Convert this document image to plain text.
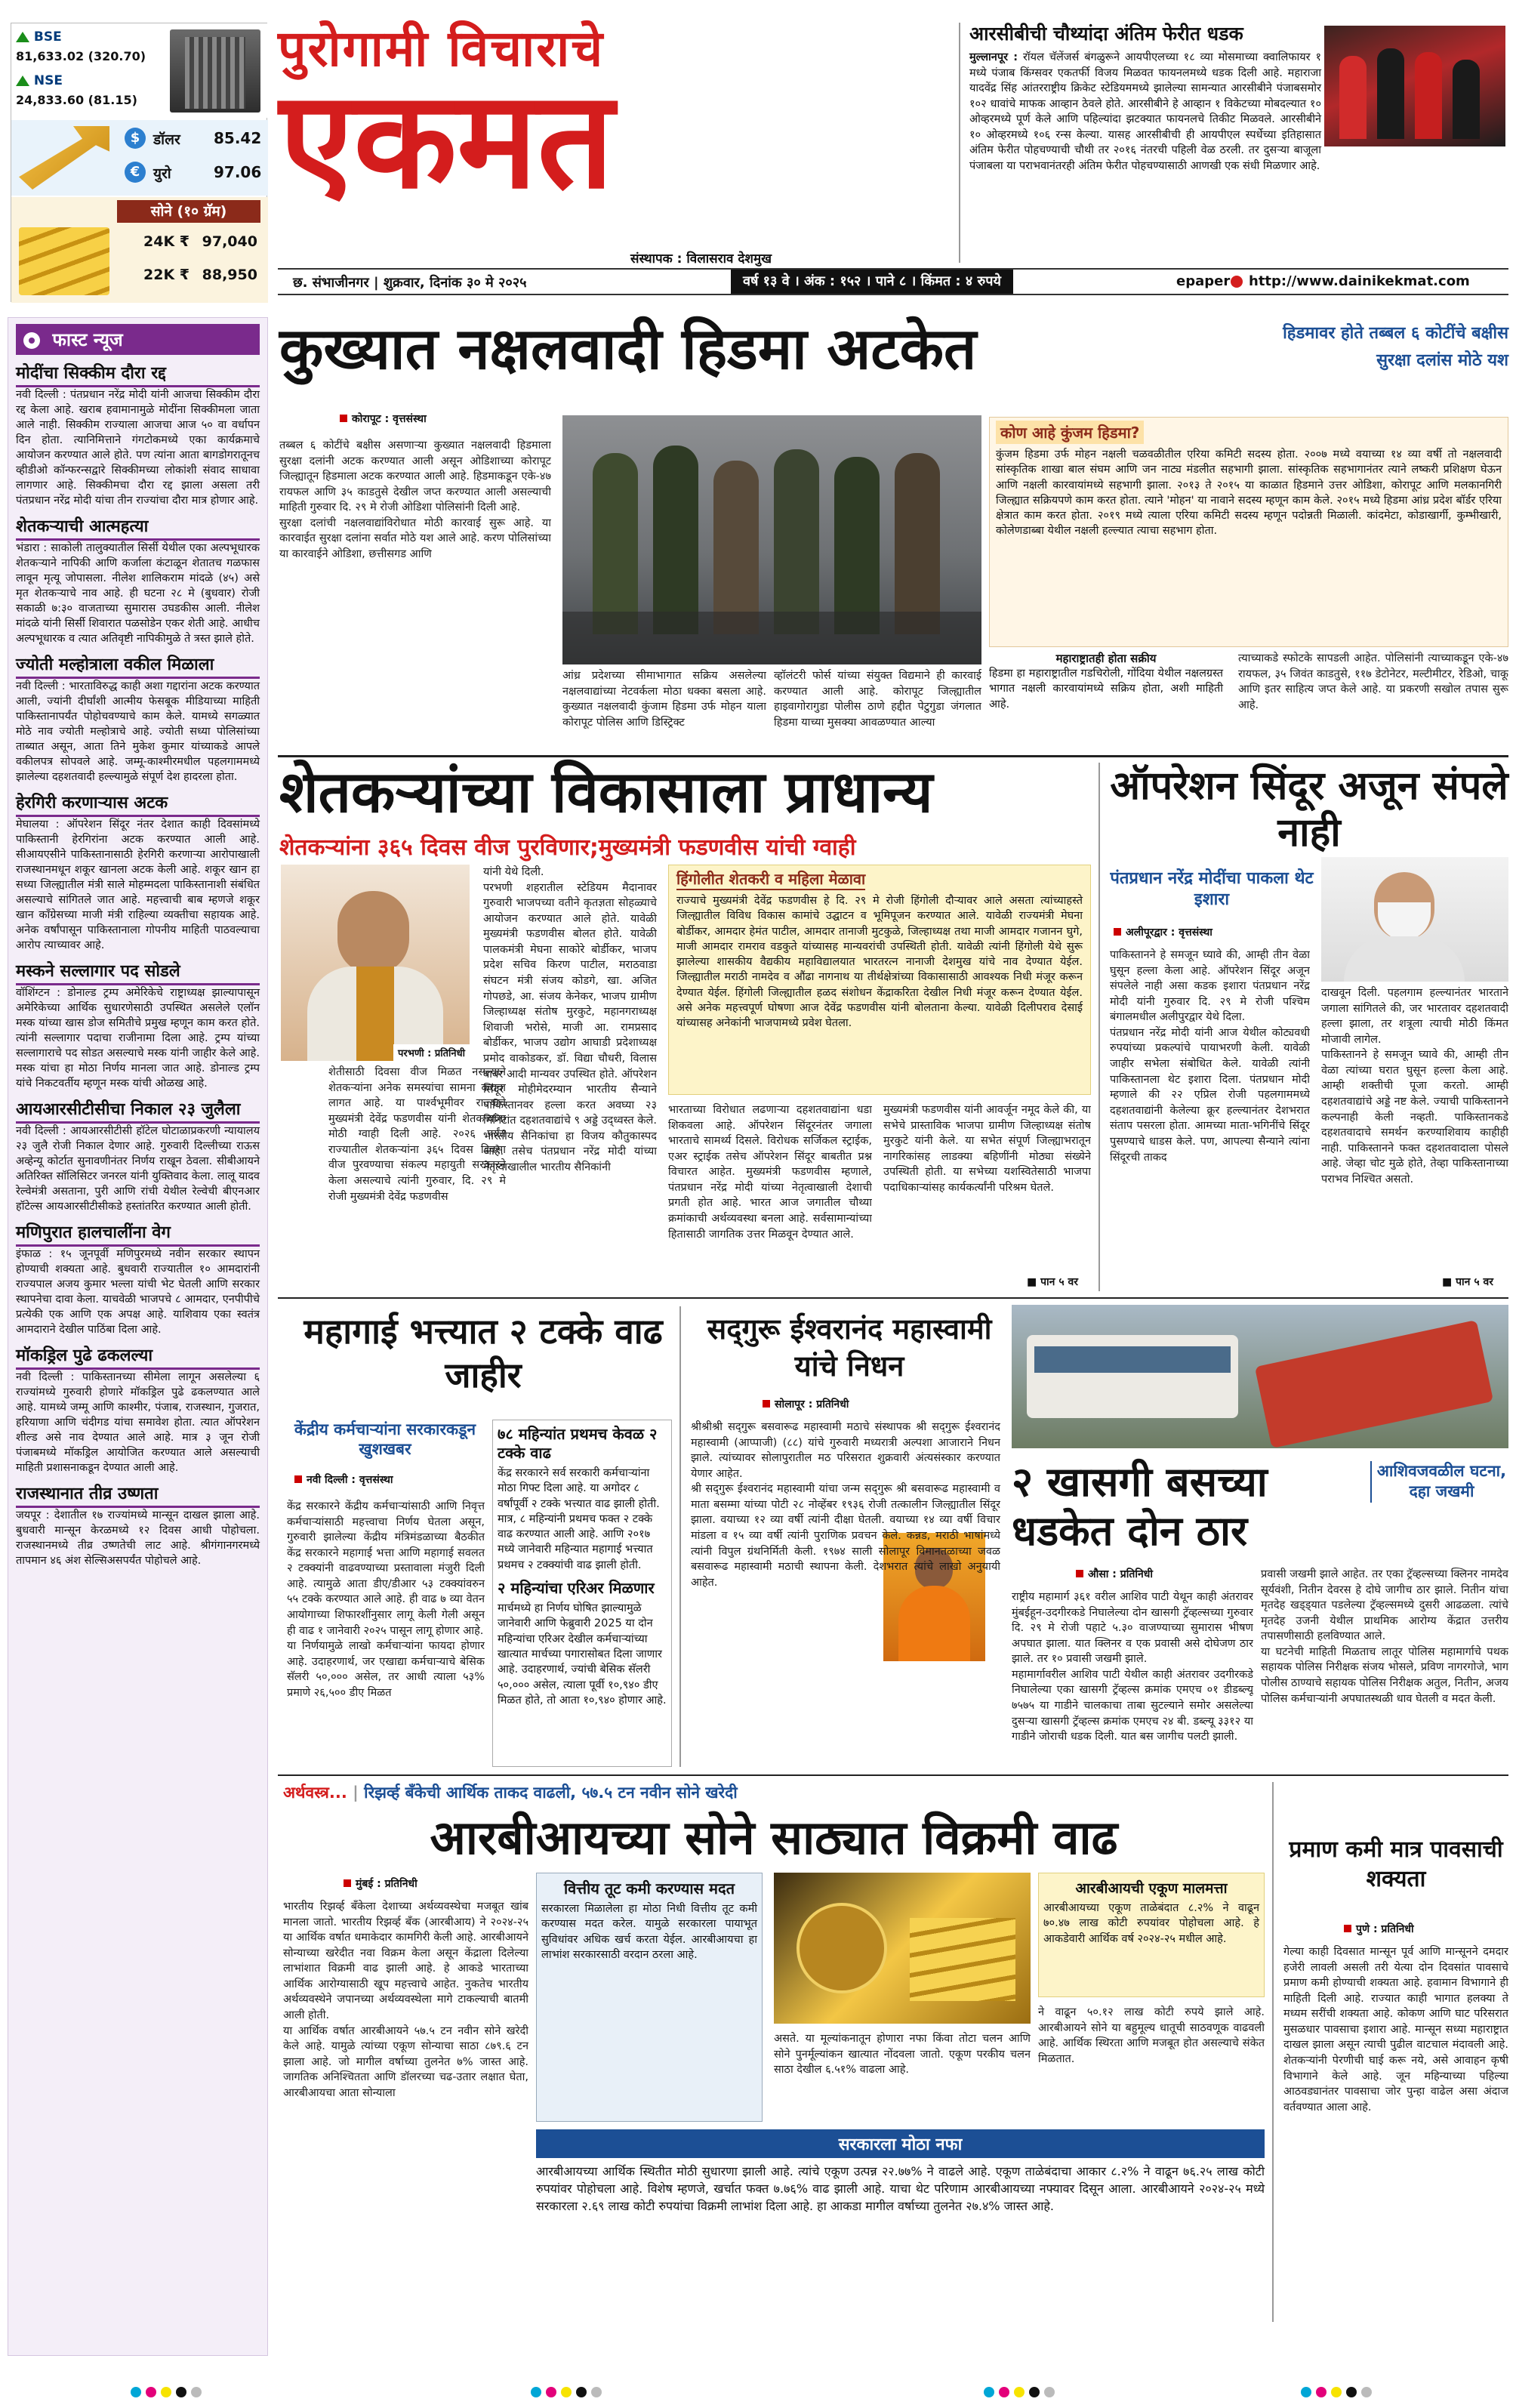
BSE
81,633.02 (320.70)
NSE
24,833.60 (81.15)
$ डॉलर 85.42
€ युरो	97.06
सोने (१० ग्रॅम)
24K ₹ 97,040
22K ₹ 88,950
पुरोगामी विचाराचे
एकमत
संस्थापक : विलासराव देशमुख
छ. संभाजीनगर | शुक्रवार, दिनांक ३० मे २०२५	वर्ष १३ वे । अंक : १५२ । पाने ८ । किंमत : ४ रुपये	epaper http://www.dainikekmat.com
आरसीबीची चौथ्यांदा अंतिम फेरीत धडक
मुल्लानपूर : रॉयल चॅलेंजर्स बंगळुरूने आयपीएलच्या १८ व्या मोसमाच्या क्वालिफायर १ मध्ये पंजाब किंग्सवर एकतर्फी विजय मिळवत फायनलमध्ये धडक दिली आहे. महाराजा यादवेंद्र सिंह आंतरराष्ट्रीय क्रिकेट स्टेडियममध्ये झालेल्या सामन्यात आरसीबीने पंजाबसमोर १०२ धावांचे माफक आव्हान ठेवले होते. आरसीबीने हे आव्हान १ विकेटच्या मोबदल्यात १० ओव्हरमध्ये पूर्ण केले आणि पहिल्यांदा झटक्यात फायनलचे तिकीट मिळवले. आरसीबीने १० ओव्हरमध्ये १०६ रन्स केल्या. यासह आरसीबीची ही आयपीएल स्पर्धेच्या इतिहासात अंतिम फेरीत पोहचण्याची चौथी तर २०१६ नंतरची पहिली वेळ ठरली. तर दुसऱ्या बाजूला पंजाबला या पराभवानंतरही अंतिम फेरीत पोहचण्यासाठी आणखी एक संधी मिळणार आहे.
फास्ट न्यूज
मोदींचा सिक्कीम दौरा रद्द
नवी दिल्ली : पंतप्रधान नरेंद्र मोदी यांनी आजचा सिक्कीम दौरा रद्द केला आहे. खराब हवामानामुळे मोदींना सिक्कीमला जाता आले नाही. सिक्कीम राज्याला आजचा आज ५० वा वर्धापन दिन होता. त्यानिमित्ताने गंगटोकमध्ये एका कार्यक्रमाचे आयोजन करण्यात आले होते. पण त्यांना आता बागडोगरातूनच व्हीडीओ कॉन्फरन्सद्वारे सिक्कीमच्या लोकांशी संवाद साधावा लागणार आहे. सिक्कीमचा दौरा रद्द झाला असला तरी पंतप्रधान नरेंद्र मोदी यांचा तीन राज्यांचा दौरा मात्र होणार आहे.
शेतकऱ्याची आत्महत्या
भंडारा : साकोली तालुक्यातील सिर्सी येथील एका अल्पभूधारक शेतकऱ्याने नापिकी आणि कर्जाला कंटाळून शेतातच गळफास लावून मृत्यू जोपासला. नीलेश शालिकराम मांदळे (४५) असे मृत शेतकऱ्याचे नाव आहे. ही घटना २८ मे (बुधवार) रोजी सकाळी ७:३० वाजताच्या सुमारास उघडकीस आली. नीलेश मांदळे यांनी सिर्सी शिवारात पळसोडेन एकर शेती आहे. आधीच अल्पभूधारक व त्यात अतिवृष्टी नापिकीमुळे ते त्रस्त झाले होते.
ज्योती मल्होत्राला वकील मिळाला
नवी दिल्ली : भारताविरुद्ध काही अशा गद्दारांना अटक करण्यात आली, ज्यांनी दीर्घांशी आत्मीय फेसबूक मीडियाच्या माहिती पाकिस्तानापर्यंत पोहोचवण्याचे काम केले. यामध्ये सगळ्यात मोठे नाव ज्योती मल्होत्राचे आहे. ज्योती सध्या पोलिसांच्या ताब्यात असून, आता तिने मुकेश कुमार यांच्याकडे आपले वकीलपत्र सोपवले आहे. जम्मू-काश्मीरमधील पहलगाममध्ये झालेल्या दहशतवादी हल्ल्यामुळे संपूर्ण देश हादरला होता.
हेरगिरी करणाऱ्यास अटक
मेघालया : ऑपरेशन सिंदूर नंतर देशात काही दिवसांमध्ये पाकिस्तानी हेरगिरांना अटक करण्यात आली आहे. सीआयएसीने पाकिस्तानासाठी हेरगिरी करणाऱ्या आरोपाखाली राजस्थानमधून शकूर खानला अटक केली आहे. शकूर खान हा सध्या जिल्ह्यातील मंत्री साले मोहम्मदला पाकिस्तानाशी संबंधित असल्याचे सांगितले जात आहे. महत्त्वाची बाब म्हणजे शकूर खान काँग्रेसच्या माजी मंत्री राहिल्या व्यक्तीचा सहायक आहे. अनेक वर्षांपासून पाकिस्तानाला गोपनीय माहिती पाठवल्याचा आरोप त्याच्यावर आहे.
मस्कने सल्लागार पद सोडले
वॉशिंग्टन : डोनाल्ड ट्रम्प अमेरिकेचे राष्ट्राध्यक्ष झाल्यापासून अमेरिकेच्या आर्थिक सुधारणेसाठी उपस्थित असलेले एलॉन मस्क यांच्या खास डोज समितीचे प्रमुख म्हणून काम करत होते. त्यांनी सल्लागार पदाचा राजीनामा दिला आहे. ट्रम्प यांच्या सल्लागाराचे पद सोडत असल्याचे मस्क यांनी जाहीर केले आहे. मस्क यांचा हा मोठा निर्णय मानला जात आहे. डोनाल्ड ट्रम्प यांचे निकटवर्तीय म्हणून मस्क यांची ओळख आहे.
आयआरसीटीसीचा निकाल २३ जुलैला
नवी दिल्ली : आयआरसीटीसी हॉटेल घोटाळाप्रकरणी न्यायालय २३ जुलै रोजी निकाल देणार आहे. गुरुवारी दिल्लीच्या राऊस अव्हेन्यू कोर्टात सुनावणीनंतर निर्णय राखून ठेवला. सीबीआयने अतिरिक्त सॉलिसिटर जनरल यांनी युक्तिवाद केला. लालू यादव रेल्वेमंत्री असताना, पुरी आणि रांची येथील रेल्वेची बीएनआर हॉटेल्स आयआरसीटीसीकडे हस्तांतरित करण्यात आली होती.
मणिपुरात हालचालींना वेग
इंफाळ : १५ जूनपूर्वी मणिपुरमध्ये नवीन सरकार स्थापन होण्याची शक्यता आहे. बुधवारी राज्यातील १० आमदारांनी राज्यपाल अजय कुमार भल्ला यांची भेट घेतली आणि सरकार स्थापनेचा दावा केला. याचवेळी भाजपचे ८ आमदार, एनपीपीचे प्रत्येकी एक आणि एक अपक्ष आहे. याशिवाय एका स्वतंत्र आमदाराने देखील पाठिंबा दिला आहे.
मॉकड्रिल पुढे ढकलल्या
नवी दिल्ली : पाकिस्तानच्या सीमेला लागून असलेल्या ६ राज्यांमध्ये गुरुवारी होणारे मॉकड्रिल पुढे ढकलण्यात आले आहे. यामध्ये जम्मू आणि काश्मीर, पंजाब, राजस्थान, गुजरात, हरियाणा आणि चंदीगड यांचा समावेश होता. त्यात ऑपरेशन शील्ड असे नाव देण्यात आले आहे. मात्र ३ जून रोजी पंजाबमध्ये मॉकड्रिल आयोजित करण्यात आले असल्याची माहिती प्रशासनाकडून देण्यात आली आहे.
राजस्थानात तीव्र उष्णता
जयपूर : देशातील १७ राज्यांमध्ये मान्सून दाखल झाला आहे. बुधवारी मान्सून केरळमध्ये १२ दिवस आधी पोहोचला. राजस्थानमध्ये तीव्र उष्णतेची लाट आहे. श्रीगंगानगरमध्ये तापमान ४६ अंश सेल्सिअसपर्यंत पोहोचले आहे.
हिडमावर होते तब्बल ६ कोटींचे बक्षीस
सुरक्षा दलांस मोठे यश
कुख्यात नक्षलवादी हिडमा अटकेत
कोरापूट : वृत्तसंस्था
तब्बल ६ कोटींचे बक्षीस असणाऱ्या कुख्यात नक्षलवादी हिडमाला सुरक्षा दलांनी अटक करण्यात आली असून ओडिशाच्या कोरापूट जिल्ह्यातून हिडमाला अटक करण्यात आली आहे. हिडमाकडून एके-४७ रायफल आणि ३५ काडतुसे देखील जप्त करण्यात आली असल्याची माहिती गुरुवार दि. २९ मे रोजी ओडिशा पोलिसांनी दिली आहे.
सुरक्षा दलांची नक्षलवाद्यांविरोधात मोठी कारवाई सुरू आहे. या कारवाईत सुरक्षा दलांना सर्वात मोठे यश आले आहे. करण पोलिसांच्या या कारवाईने ओडिशा, छत्तीसगड आणि
आंध्र प्रदेशच्या सीमाभागात सक्रिय असलेल्या नक्षलवाद्यांच्या नेटवर्कला मोठा धक्का बसला आहे. कुख्यात नक्षलवादी कुंजाम हिडमा उर्फ मोहन याला कोरापूट पोलिस आणि डिस्ट्रिक्ट
व्हॉलंटरी फोर्स यांच्या संयुक्त विद्यमाने ही कारवाई करण्यात आली आहे. कोरापूट जिल्ह्यातील हाइवागोरागुडा पोलीस ठाणे हद्दीत पेटुगुडा जंगलात हिडमा याच्या मुसक्या आवळण्यात आल्या
कोण आहे कुंजम हिडमा?
कुंजम हिडमा उर्फ मोहन नक्षली चळवळीतील एरिया कमिटी सदस्य होता. २००७ मध्ये वयाच्या १४ व्या वर्षी तो नक्षलवादी सांस्कृतिक शाखा बाल संघम आणि जन नाट्य मंडलीत सहभागी झाला. सांस्कृतिक सहभागानंतर त्याने लष्करी प्रशिक्षण घेऊन आणि नक्षली कारवायांमध्ये सहभागी झाला. २०१३ ते २०१५ या काळात हिडमाने उत्तर ओडिशा, कोरापूट आणि मलकानगिरी जिल्ह्यात सक्रियपणे काम करत होता. त्याने 'मोहन' या नावाने सदस्य म्हणून काम केले. २०१५ मध्ये हिडमा आंध्र प्रदेश बॉर्डर एरिया क्षेत्रात काम करत होता. २०१९ मध्ये त्याला एरिया कमिटी सदस्य म्हणून पदोन्नती मिळाली. कांदमेटा, कोडाखार्गी, कुम्भीखारी, कोलेणडाब्बा येथील नक्षली हल्ल्यात त्याचा सहभाग होता.
महाराष्ट्रातही होता सक्रीय
हिडमा हा महाराष्ट्रातील गडचिरोली, गोंदिया येथील नक्षलग्रस्त भागात नक्षली कारवायांमध्ये सक्रिय होता, अशी माहिती आहे.
त्याच्याकडे स्फोटके सापडली आहेत. पोलिसांनी त्याच्याकडून एके-४७ रायफल, ३५ जिवंत काडतुसे, ११७ डेटोनेटर, मल्टीमीटर, रेडिओ, चाकू आणि इतर साहित्य जप्त केले आहे. या प्रकरणी सखोल तपास सुरू आहे.
शेतकऱ्यांच्या विकासाला प्राधान्य
शेतकऱ्यांना ३६५ दिवस वीज पुरविणार;मुख्यमंत्री फडणवीस यांची ग्वाही
परभणी : प्रतिनिधी
शेतीसाठी दिवसा वीज मिळत नसल्याने शेतकऱ्यांना अनेक समस्यांचा सामना करावा लागत आहे. या पार्श्वभूमीवर राज्याचे मुख्यमंत्री देवेंद्र फडणवीस यांनी शेतकऱ्यांना मोठी ग्वाही दिली आहे. २०२६ पर्यंत राज्यातील शेतकऱ्यांना ३६५ दिवस दिवसा वीज पुरवण्याचा संकल्प महायुती सरकारने केला असल्याचे त्यांनी गुरुवार, दि. २९ मे रोजी मुख्यमंत्री देवेंद्र फडणवीस
यांनी येथे दिली.
परभणी शहरातील स्टेडियम मैदानावर गुरुवारी भाजपच्या वतीने कृतज्ञता सोहळ्याचे आयोजन करण्यात आले होते. यावेळी मुख्यमंत्री फडणवीस बोलत होते. यावेळी पालकमंत्री मेघना साकोरे बोर्डीकर, भाजप प्रदेश सचिव किरण पाटील, मराठवाडा संघटन मंत्री संजय कोडगे, खा. अजित गोपछडे, आ. संजय केनेकर, भाजप ग्रामीण जिल्हाध्यक्ष संतोष मुरकुटे, महानगराध्यक्ष शिवाजी भरोसे, माजी आ. रामप्रसाद बोर्डीकर, भाजप उद्योग आघाडी प्रदेशाध्यक्ष प्रमोद वाकोडकर, डॉ. विद्या चौधरी, विलास बाबर आदी मान्यवर उपस्थित होते. ऑपरेशन सिंदूर मोहीमेदरम्यान भारतीय सैन्याने पाकिस्तानवर हल्ला करत अवघ्या २३ मिनिटांत दहशतवाद्यांचे ९ अड्डे उद्ध्वस्त केले. भारतीय सैनिकांचा हा विजय कौतुकास्पद आहे. तसेच पंतप्रधान नरेंद्र मोदी यांच्या नेतृत्वाखालील भारतीय सैनिकांनी
हिंगोलीत शेतकरी व महिला मेळावा
राज्याचे मुख्यमंत्री देवेंद्र फडणवीस हे दि. २९ मे रोजी हिंगोली दौऱ्यावर आले असता त्यांच्याहस्ते जिल्ह्यातील विविध विकास कामांचे उद्घाटन व भूमिपूजन करण्यात आले. यावेळी राज्यमंत्री मेघना बोर्डीकर, आमदार हेमंत पाटील, आमदार तानाजी मुटकुळे, जिल्हाध्यक्ष तथा माजी आमदार गजानन घुगे, माजी आमदार रामराव वडकुते यांच्यासह मान्यवरांची उपस्थिती होती. यावेळी त्यांनी हिंगोली येथे सुरू झालेल्या शासकीय वैद्यकीय महाविद्यालयात भारतरत्न नानाजी देशमुख यांचे नाव देण्यात येईल. जिल्ह्यातील मराठी नामदेव व औंढा नागनाथ या तीर्थक्षेत्रांच्या विकासासाठी आवश्यक निधी मंजूर करून देण्यात येईल. हिंगोली जिल्ह्यातील हळद संशोधन केंद्राकरिता देखील निधी मंजूर करून देण्यात येईल. असे अनेक महत्त्वपूर्ण घोषणा आज देवेंद्र फडणवीस यांनी बोलताना केल्या. यावेळी दिलीपराव देसाई यांच्यासह अनेकांनी भाजपामध्ये प्रवेश घेतला.
भारताच्या विरोधात लढणाऱ्या दहशतवाद्यांना धडा शिकवला आहे. ऑपरेशन सिंदूरनंतर जगाला भारताचे सामर्थ्य दिसले. विरोधक सर्जिकल स्ट्राईक, एअर स्ट्राईक तसेच ऑपरेशन सिंदूर बाबतीत प्रश्न विचारत आहेत. मुख्यमंत्री फडणवीस म्हणाले, पंतप्रधान नरेंद्र मोदी यांच्या नेतृत्वाखाली देशाची प्रगती होत आहे. भारत आज जगातील चौथ्या क्रमांकाची अर्थव्यवस्था बनला आहे. सर्वसामान्यांच्या हितासाठी जागतिक उत्तर मिळवून देण्यात आले.
मुख्यमंत्री फडणवीस यांनी आवर्जून नमूद केले की, या सभेचे प्रास्ताविक भाजपा ग्रामीण जिल्हाध्यक्ष संतोष मुरकुटे यांनी केले. या सभेत संपूर्ण जिल्ह्याभरातून नागरिकांसह लाडक्या बहिणींनी मोठ्या संख्येने उपस्थिती होती. या सभेच्या यशस्वितेसाठी भाजपा पदाधिकाऱ्यांसह कार्यकर्त्यांनी परिश्रम घेतले.
■ पान ५ वर
ऑपरेशन सिंदूर अजून संपले नाही
पंतप्रधान नरेंद्र मोदींचा पाकला थेट इशारा
अलीपूरद्वार : वृत्तसंस्था
पाकिस्तानने हे समजून घ्यावे की, आम्ही तीन वेळा घुसून हल्ला केला आहे. ऑपरेशन सिंदूर अजून संपलेले नाही असा कडक इशारा पंतप्रधान नरेंद्र मोदी यांनी गुरुवार दि. २९ मे रोजी पश्चिम बंगालमधील अलीपुरद्वार येथे दिला.
पंतप्रधान नरेंद्र मोदी यांनी आज येथील कोट्यवधी रुपयांच्या प्रकल्पांचे पायाभरणी केली. यावेळी जाहीर सभेला संबोधित केले. यावेळी त्यांनी पाकिस्तानला थेट इशारा दिला. पंतप्रधान मोदी म्हणाले की २२ एप्रिल रोजी पहलगाममध्ये दहशतवाद्यांनी केलेल्या क्रूर हल्ल्यानंतर देशभरात संताप पसरला होता. आमच्या माता-भगिनींचे सिंदूर पुसण्याचे धाडस केले. पण, आपल्या सैन्याने त्यांना सिंदूरची ताकद
दाखवून दिली. पहलगाम हल्ल्यानंतर भारताने जगाला सांगितले की, जर भारतावर दहशतवादी हल्ला झाला, तर शत्रूला त्याची मोठी किंमत मोजावी लागेल.
पाकिस्तानने हे समजून घ्यावे की, आम्ही तीन वेळा त्यांच्या घरात घुसून हल्ला केला आहे. आम्ही शक्तीची पूजा करतो. आम्ही दहशतवाद्यांचे अड्डे नष्ट केले. ज्याची पाकिस्तानने कल्पनाही केली नव्हती. पाकिस्तानकडे दहशतवादाचे समर्थन करण्याशिवाय काहीही नाही. पाकिस्तानने फक्त दहशतवादाला पोसले आहे. जेव्हा चोट मुळे होते, तेव्हा पाकिस्तानाच्या पराभव निश्चित असतो.
■ पान ५ वर
महागाई भत्त्यात २ टक्के वाढ जाहीर
केंद्रीय कर्मचाऱ्यांना सरकारकडून खुशखबर
नवी दिल्ली : वृत्तसंस्था
केंद्र सरकारने केंद्रीय कर्मचाऱ्यांसाठी आणि निवृत्त कर्मचाऱ्यांसाठी महत्त्वाचा निर्णय घेतला असून, गुरुवारी झालेल्या केंद्रीय मंत्रिमंडळाच्या बैठकीत केंद्र सरकारने महागाई भत्ता आणि महागाई सवलत २ टक्क्यांनी वाढवण्याच्या प्रस्तावाला मंजुरी दिली आहे. त्यामुळे आता डीए/डीआर ५३ टक्क्यांवरुन ५५ टक्के करण्यात आले आहे. ही वाढ ७ व्या वेतन आयोगाच्या शिफारशींनुसार लागू केली गेली असून ही वाढ १ जानेवारी २०२५ पासून लागू होणार आहे.
या निर्णयामुळे लाखो कर्मचाऱ्यांना फायदा होणार आहे. उदाहरणार्थ, जर एखाद्या कर्मचाऱ्याचे बेसिक सॅलरी ५०,००० असेल, तर आधी त्याला ५३% प्रमाणे २६,५०० डीए मिळत
७८ महिन्यांत प्रथमच केवळ २ टक्के वाढ
केंद्र सरकारने सर्व सरकारी कर्मचाऱ्यांना मोठा गिफ्ट दिला आहे. या अगोदर ८ वर्षांपूर्वी २ टक्के भत्त्यात वाढ झाली होती. मात्र, ८ महिन्यांनी प्रथमच फक्त २ टक्के वाढ करण्यात आली आहे. आणि २०१७ मध्ये जानेवारी महिन्यात महागाई भत्त्यात प्रथमच २ टक्क्यांची वाढ झाली होती.
२ महिन्यांचा एरिअर मिळणार
मार्चमध्ये हा निर्णय घोषित झाल्यामुळे जानेवारी आणि फेब्रुवारी 2025 या दोन महिन्यांचा एरिअर देखील कर्मचाऱ्यांच्या खात्यात मार्चच्या पगारासोबत दिला जाणार आहे. उदाहरणार्थ, ज्यांची बेसिक सॅलरी ५०,००० असेल, त्याला पूर्वी १०,९४० डीए मिळत होते, तो आता १०,९४० होणार आहे.
सद्‌गुरू ईश्वरानंद महास्वामी यांचे निधन
सोलापूर : प्रतिनिधी
श्रीश्रीश्री सद्‌गुरू बसवारूढ महास्वामी मठाचे संस्थापक श्री सद्‌गुरू ईश्वरानंद महास्वामी (आप्पाजी) (८८) यांचे गुरुवारी मध्यरात्री अल्पशा आजाराने निधन झाले. त्यांच्यावर सोलापुरातील मठ परिसरात शुक्रवारी अंत्यसंस्कार करण्यात येणार आहेत.
श्री सद्‌गुरू ईश्वरानंद महास्वामी यांचा जन्म सद्‌गुरू श्री बसवारूढ महास्वामी व माता बसम्मा यांच्या पोटी २८ नोव्हेंबर १९३६ रोजी तत्कालीन जिल्ह्यातील सिंदूर झाला. वयाच्या १२ व्या वर्षी त्यांनी दीक्षा घेतली. वयाच्या १४ व्या वर्षी विचार मांडला व १५ व्या वर्षी त्यांनी पुराणिक प्रवचन केले. कन्नड, मराठी भाषांमध्ये त्यांनी विपुल ग्रंथनिर्मिती केली. १९७४ साली सोलापूर विमानतळाच्या जवळ बसवारूढ महास्वामी मठाची स्थापना केली. देशभरात त्यांचे लाखो अनुयायी आहेत.
२ खासगी बसच्या धडकेत दोन ठार
आशिवजवळील घटना, दहा जखमी
औसा : प्रतिनिधी
राष्ट्रीय महामार्ग ३६१ वरील आशिव पाटी येथून काही अंतरावर मुंबईहून-उदगीरकडे निघालेल्या दोन खासगी ट्रॅव्हल्सच्या गुरुवार दि. २९ मे रोजी पहाटे ५.३० वाजण्याच्या सुमारास भीषण अपघात झाला. यात क्लिनर व एक प्रवासी असे दोघेजण ठार झाले. तर १० प्रवासी जखमी झाले.
महामार्गावरील आशिव पाटी येथील काही अंतरावर उदगीरकडे निघालेल्या एका खासगी ट्रॅव्हल्स क्रमांक एमएच ०१ डीडब्ल्यू ७५७५ या गाडीने चालकाचा ताबा सुटल्याने समोर असलेल्या दुसऱ्या खासगी ट्रॅव्हल्स क्रमांक एमएच २४ बी. डब्ल्यू ३३१२ या गाडीने जोराची धडक दिली. यात बस जागीच पलटी झाली.
प्रवासी जखमी झाले आहेत. तर एका ट्रॅव्हल्सच्या क्लिनर नामदेव सूर्यवंशी, नितीन देवरस हे दोघे जागीच ठार झाले. नितीन यांचा मृतदेह खड्ड्यात पडलेल्या ट्रॅव्हल्समध्ये दुसरी आढळला. त्यांचे मृतदेह उजनी येथील प्राथमिक आरोग्य केंद्रात उत्तरीय तपासणीसाठी हलविण्यात आले.
या घटनेची माहिती मिळताच लातूर पोलिस महामार्गाचे पथक सहायक पोलिस निरीक्षक संजय भोसले, प्रविण नागरगोजे, भाग पोलीस ठाण्याचे सहायक पोलिस निरीक्षक अतुल, नितीन, अजय पोलिस कर्मचाऱ्यांनी अपघातस्थळी धाव घेतली व मदत केली.
अर्थवस्त्र... | रिझर्व्ह बँकेची आर्थिक ताकद वाढली, ५७.५ टन नवीन सोने खरेदी
आरबीआयच्या सोने साठ्यात विक्रमी वाढ
मुंबई : प्रतिनिधी
भारतीय रिझर्व्ह बँकेला देशाच्या अर्थव्यवस्थेचा मजबूत खांब मानला जातो. भारतीय रिझर्व्ह बँक (आरबीआय) ने २०२४-२५ या आर्थिक वर्षात धमाकेदार कामगिरी केली आहे. आरबीआयने सोन्याच्या खरेदीत नवा विक्रम केला असून केंद्राला दिलेल्या लाभांशात विक्रमी वाढ झाली आहे. हे आकडे भारताच्या आर्थिक आरोग्यासाठी खूप महत्त्वाचे आहेत. नुकतेच भारतीय अर्थव्यवस्थेने जपानच्या अर्थव्यवस्थेला मागे टाकल्याची बातमी आली होती.
या आर्थिक वर्षात आरबीआयने ५७.५ टन नवीन सोने खरेदी केले आहे. यामुळे त्यांच्या एकूण सोन्याचा साठा ८७९.६ टन झाला आहे. जो मागील वर्षाच्या तुलनेत ७% जास्त आहे. जागतिक अनिश्चितता आणि डॉलरच्या चढ-उतार लक्षात घेता, आरबीआयचा आता सोन्याला
वित्तीय तूट कमी करण्यास मदत
सरकारला मिळालेला हा मोठा निधी वित्तीय तूट कमी करण्यास मदत करेल. यामुळे सरकारला पायाभूत सुविधांवर अधिक खर्च करता येईल. आरबीआयचा हा लाभांश सरकारसाठी वरदान ठरला आहे.
असते. या मूल्यांकनातून होणारा नफा किंवा तोटा चलन आणि सोने पुनर्मूल्यांकन खात्यात नोंदवला जातो. एकूण परकीय चलन साठा देखील ६.५१% वाढला आहे.
आरबीआयची एकूण मालमत्ता
आरबीआयच्या एकूण ताळेबंदात ८.२% ने वाढून ७०.४७ लाख कोटी रुपयांवर पोहोचला आहे. हे आकडेवारी आर्थिक वर्ष २०२४-२५ मधील आहे.
ने वाढून ५०.१२ लाख कोटी रुपये झाले आहे. आरबीआयने सोने या बहुमूल्य धातूची साठवणूक वाढवली आहे. आर्थिक स्थिरता आणि मजबूत होत असल्याचे संकेत मिळतात.
सरकारला मोठा नफा
आरबीआयच्या आर्थिक स्थितीत मोठी सुधारणा झाली आहे. त्यांचे एकूण उत्पन्न २२.७७% ने वाढले आहे. एकूण ताळेबंदाचा आकार ८.२% ने वाढून ७६.२५ लाख कोटी रुपयांवर पोहोचला आहे. विशेष म्हणजे, खर्चात फक्त ७.७६% वाढ झाली आहे. याचा थेट परिणाम आरबीआयच्या नफ्यावर दिसून आला. आरबीआयने २०२४-२५ मध्ये सरकारला २.६९ लाख कोटी रुपयांचा विक्रमी लाभांश दिला आहे. हा आकडा मागील वर्षाच्या तुलनेत २७.४% जास्त आहे.
प्रमाण कमी मात्र पावसाची शक्यता
पुणे : प्रतिनिधी
गेल्या काही दिवसात मान्सून पूर्व आणि मान्सूनने दमदार हजेरी लावली असली तरी येत्या दोन दिवसांत पावसाचे प्रमाण कमी होण्याची शक्यता आहे. हवामान विभागाने ही माहिती दिली आहे. राज्यात काही भागात हलक्या ते मध्यम सरींची शक्यता आहे. कोकण आणि घाट परिसरात मुसळधार पावसाचा इशारा आहे. मान्सून सध्या महाराष्ट्रात दाखल झाला असून त्याची पुढील वाटचाल मंदावली आहे. शेतकऱ्यांनी पेरणीची घाई करू नये, असे आवाहन कृषी विभागाने केले आहे. जून महिन्याच्या पहिल्या आठवड्यानंतर पावसाचा जोर पुन्हा वाढेल असा अंदाज वर्तवण्यात आला आहे.
